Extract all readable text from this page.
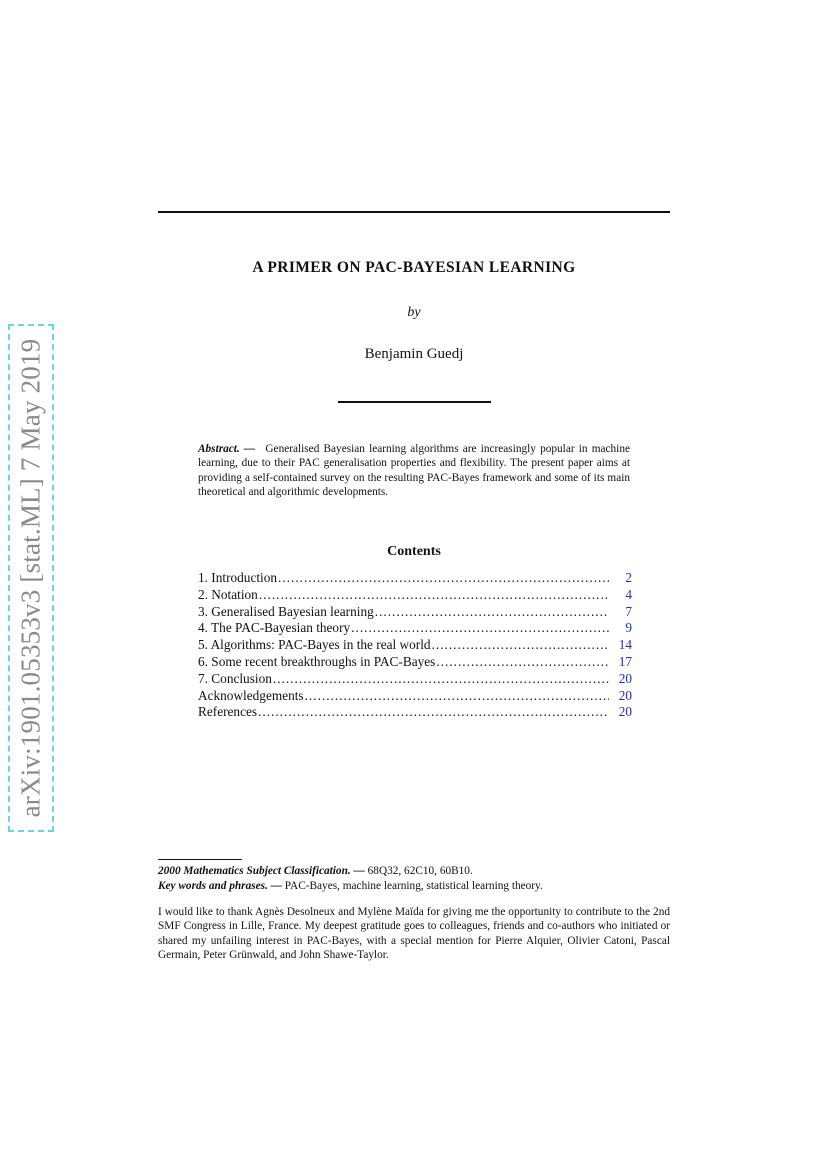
arXiv:1901.05353v3 [stat.ML] 7 May 2019
A PRIMER ON PAC-BAYESIAN LEARNING
by
Benjamin Guedj
Abstract. — Generalised Bayesian learning algorithms are increasingly popular in machine learning, due to their PAC generalisation properties and flexibility. The present paper aims at providing a self-contained survey on the resulting PAC-Bayes framework and some of its main theoretical and algorithmic developments.
Contents
1. Introduction .....	2
2. Notation .....	4
3. Generalised Bayesian learning .....	7
4. The PAC-Bayesian theory .....	9
5. Algorithms: PAC-Bayes in the real world .....	14
6. Some recent breakthroughs in PAC-Bayes .....	17
7. Conclusion .....	20
Acknowledgements .....	20
References .....	20
2000 Mathematics Subject Classification. — 68Q32, 62C10, 60B10.
Key words and phrases. — PAC-Bayes, machine learning, statistical learning theory.
I would like to thank Agnès Desolneux and Mylène Maïda for giving me the opportunity to contribute to the 2nd SMF Congress in Lille, France. My deepest gratitude goes to colleagues, friends and co-authors who initiated or shared my unfailing interest in PAC-Bayes, with a special mention for Pierre Alquier, Olivier Catoni, Pascal Germain, Peter Grünwald, and John Shawe-Taylor.
